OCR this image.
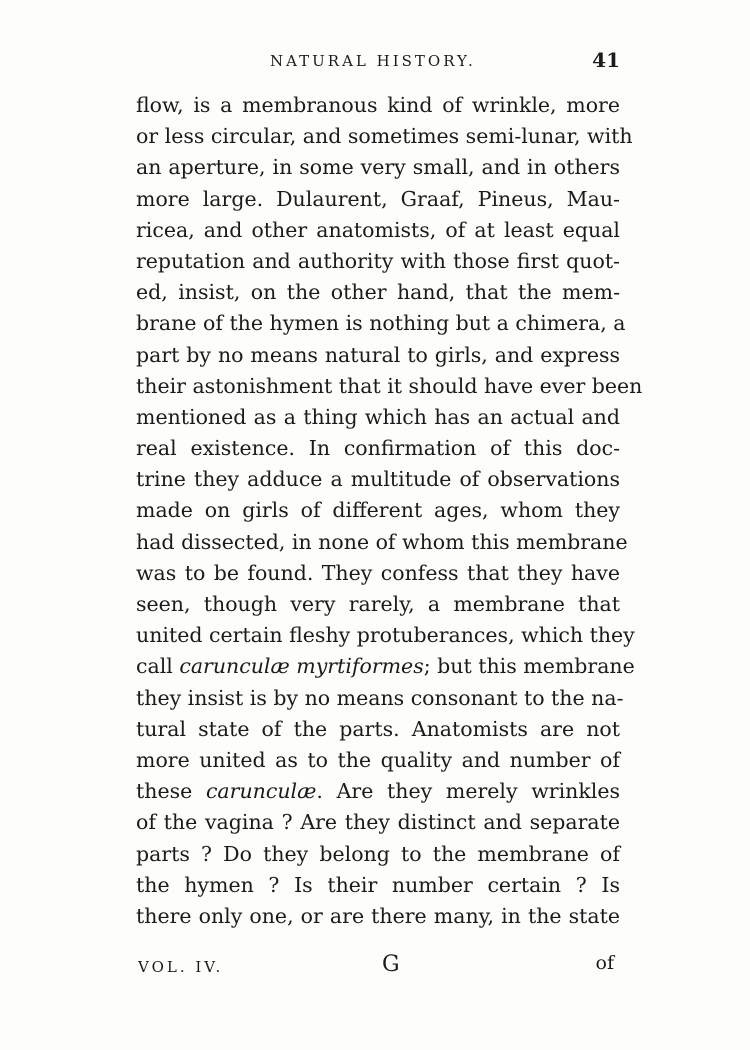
NATURAL HISTORY.	41
flow, is a membranous kind of wrinkle, more
or less circular, and sometimes semi-lunar, with
an aperture, in some very small, and in others
more large. Dulaurent, Graaf, Pineus, Mau-
ricea, and other anatomists, of at least equal
reputation and authority with those first quot-
ed, insist, on the other hand, that the mem-
brane of the hymen is nothing but a chimera, a
part by no means natural to girls, and express
their astonishment that it should have ever been
mentioned as a thing which has an actual and
real existence. In confirmation of this doc-
trine they adduce a multitude of observations
made on girls of different ages, whom they
had dissected, in none of whom this membrane
was to be found. They confess that they have
seen, though very rarely, a membrane that
united certain fleshy protuberances, which they
call carunculæ myrtiformes; but this membrane
they insist is by no means consonant to the na-
tural state of the parts. Anatomists are not
more united as to the quality and number of
these carunculæ. Are they merely wrinkles
of the vagina ? Are they distinct and separate
parts ? Do they belong to the membrane of
the hymen ? Is their number certain ? Is
there only one, or are there many, in the state
VOL. IV.	G	of
